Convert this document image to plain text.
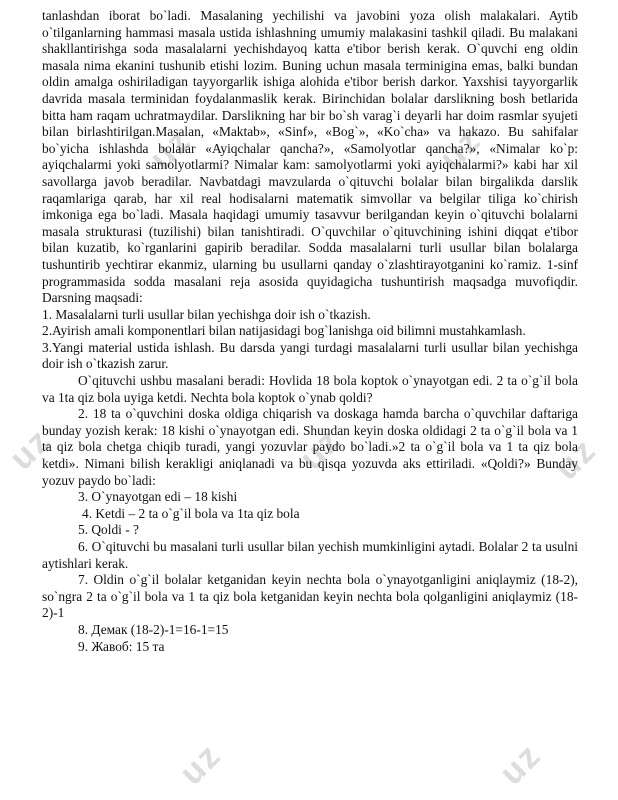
uz	uz
uz	uz	uz
uz	uz

tanlashdan iborat bo`ladi. Masalaning yechilishi va javobini yoza olish malakalari. Aytib o`tilganlarning hammasi masala ustida ishlashning umumiy malakasini tashkil qiladi. Bu malakani shakllantirishga soda masalalarni yechishdayoq katta e'tibor berish kerak. O`quvchi eng oldin masala nima ekanini tushunib etishi lozim. Buning uchun masala terminigina emas, balki bundan oldin amalga oshiriladigan tayyorgarlik ishiga alohida e'tibor berish darkor. Yaxshisi tayyorgarlik davrida masala terminidan foydalanmaslik kerak. Birinchidan bolalar darslikning bosh betlarida bitta ham raqam uchratmaydilar. Darslikning har bir bo`sh varag`i deyarli har doim rasmlar syujeti bilan birlashtirilgan.Masalan, «Maktab», «Sinf», «Bog`», «Ko`cha» va hakazo. Bu sahifalar bo`yicha ishlashda bolalar «Ayiqchalar qancha?», «Samolyotlar qancha?», «Nimalar ko`p: ayiqchalarmi yoki samolyotlarmi? Nimalar kam: samolyotlarmi yoki ayiqchalarmi?» kabi har xil savollarga javob beradilar. Navbatdagi mavzularda o`qituvchi bolalar bilan birgalikda darslik raqamlariga qarab, har xil real hodisalarni matematik simvollar va belgilar tiliga ko`chirish imkoniga ega bo`ladi. Masala haqidagi umumiy tasavvur berilgandan keyin o`qituvchi bolalarni masala strukturasi (tuzilishi) bilan tanishtiradi. O`quvchilar o`qituvchining ishini diqqat e'tibor bilan kuzatib, ko`rganlarini gapirib beradilar. Sodda masalalarni turli usullar bilan bolalarga tushuntirib yechtirar ekanmiz, ularning bu usullarni qanday o`zlashtirayotganini ko`ramiz. 1-sinf programmasida sodda masalani reja asosida quyidagicha tushuntirish maqsadga muvofiqdir. Darsning maqsadi:

1. Masalalarni turli usullar bilan yechishga doir ish o`tkazish.

2.Ayirish amali komponentlari bilan natijasidagi bog`lanishga oid bilimni mustahkamlash.

3.Yangi material ustida ishlash. Bu darsda yangi turdagi masalalarni turli usullar bilan yechishga doir ish o`tkazish zarur.

O`qituvchi ushbu masalani beradi: Hovlida 18 bola koptok o`ynayotgan edi. 2 ta o`g`il bola va 1ta qiz bola uyiga ketdi. Nechta bola koptok o`ynab qoldi?

2. 18 ta o`quvchini doska oldiga chiqarish va doskaga hamda barcha o`quvchilar daftariga bunday yozish kerak: 18 kishi o`ynayotgan edi. Shundan keyin doska oldidagi 2 ta o`g`il bola va 1 ta qiz bola chetga chiqib turadi, yangi yozuvlar paydo bo`ladi.»2 ta o`g`il bola va 1 ta qiz bola ketdi». Nimani bilish kerakligi aniqlanadi va bu qisqa yozuvda aks ettiriladi. «Qoldi?» Bunday yozuv paydo bo`ladi:

3. O`ynayotgan edi – 18 kishi

4. Ketdi – 2 ta o`g`il bola va 1ta qiz bola

5. Qoldi - ?

6. O`qituvchi bu masalani turli usullar bilan yechish mumkinligini aytadi. Bolalar 2 ta usulni aytishlari kerak.

7. Oldin o`g`il bolalar ketganidan keyin nechta bola o`ynayotganligini aniqlaymiz (18-2), so`ngra 2 ta o`g`il bola va 1 ta qiz bola ketganidan keyin nechta bola qolganligini aniqlaymiz (18-2)-1

8. Демак (18-2)-1=16-1=15

9. Жавоб: 15 та
